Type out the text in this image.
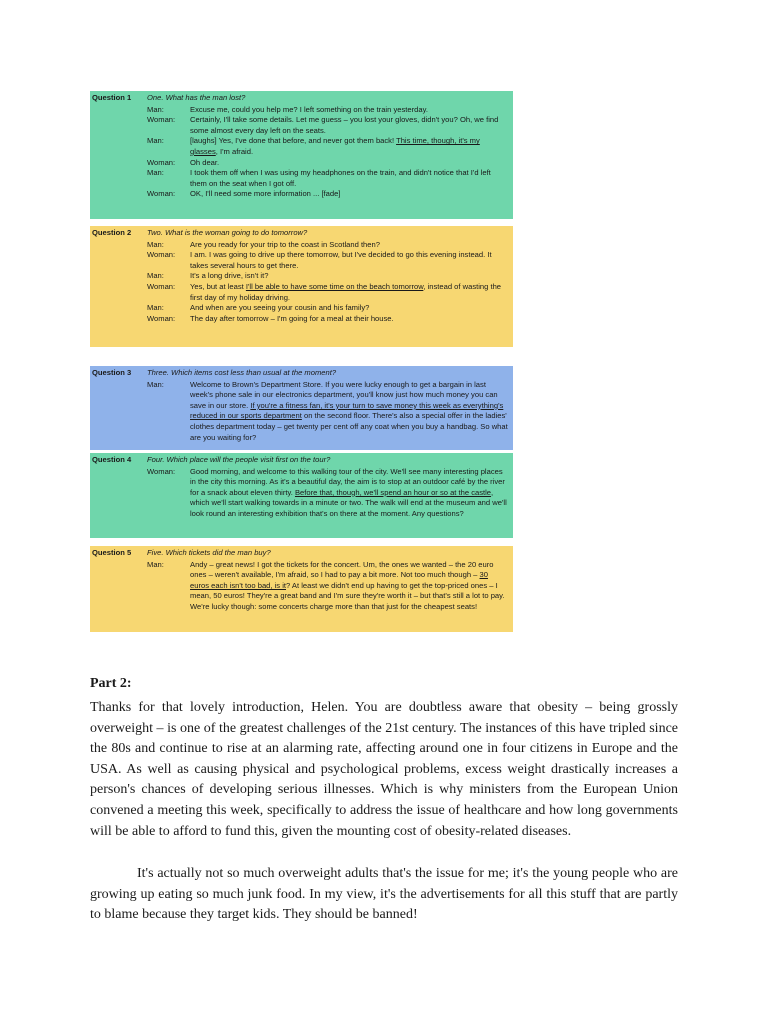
Question 1	One. What has the man lost?
Man:	Excuse me, could you help me? I left something on the train yesterday.
Woman:	Certainly, I'll take some details. Let me guess – you lost your gloves, didn't you? Oh, we find some almost every day left on the seats.
Man:	[laughs] Yes, I've done that before, and never got them back! This time, though, it's my glasses, I'm afraid.
Woman:	Oh dear.
Man:	I took them off when I was using my headphones on the train, and didn't notice that I'd left them on the seat when I got off.
Woman:	OK, I'll need some more information ... [fade]
Question 2	Two. What is the woman going to do tomorrow?
Man:	Are you ready for your trip to the coast in Scotland then?
Woman:	I am. I was going to drive up there tomorrow, but I've decided to go this evening instead. It takes several hours to get there.
Man:	It's a long drive, isn't it?
Woman:	Yes, but at least I'll be able to have some time on the beach tomorrow, instead of wasting the first day of my holiday driving.
Man:	And when are you seeing your cousin and his family?
Woman:	The day after tomorrow – I'm going for a meal at their house.
Question 3	Three. Which items cost less than usual at the moment?
Man:	Welcome to Brown's Department Store. If you were lucky enough to get a bargain in last week's phone sale in our electronics department, you'll know just how much money you can save in our store. If you're a fitness fan, it's your turn to save money this week as everything's reduced in our sports department on the second floor. There's also a special offer in the ladies' clothes department today – get twenty per cent off any coat when you buy a handbag. So what are you waiting for?
Question 4	Four. Which place will the people visit first on the tour?
Woman:	Good morning, and welcome to this walking tour of the city. We'll see many interesting places in the city this morning. As it's a beautiful day, the aim is to stop at an outdoor café by the river for a snack about eleven thirty. Before that, though, we'll spend an hour or so at the castle, which we'll start walking towards in a minute or two. The walk will end at the museum and we'll look round an interesting exhibition that's on there at the moment. Any questions?
Question 5	Five. Which tickets did the man buy?
Man:	Andy – great news! I got the tickets for the concert. Um, the ones we wanted – the 20 euro ones – weren't available, I'm afraid, so I had to pay a bit more. Not too much though – 30 euros each isn't too bad, is it? At least we didn't end up having to get the top-priced ones – I mean, 50 euros! They're a great band and I'm sure they're worth it – but that's still a lot to pay. We're lucky though: some concerts charge more than that just for the cheapest seats!
Part 2:

Thanks for that lovely introduction, Helen. You are doubtless aware that obesity – being grossly overweight – is one of the greatest challenges of the 21st century. The instances of this have tripled since the 80s and continue to rise at an alarming rate, affecting around one in four citizens in Europe and the USA. As well as causing physical and psychological problems, excess weight drastically increases a person's chances of developing serious illnesses. Which is why ministers from the European Union convened a meeting this week, specifically to address the issue of healthcare and how long governments will be able to afford to fund this, given the mounting cost of obesity-related diseases.

It's actually not so much overweight adults that's the issue for me; it's the young people who are growing up eating so much junk food. In my view, it's the advertisements for all this stuff that are partly to blame because they target kids. They should be banned!
